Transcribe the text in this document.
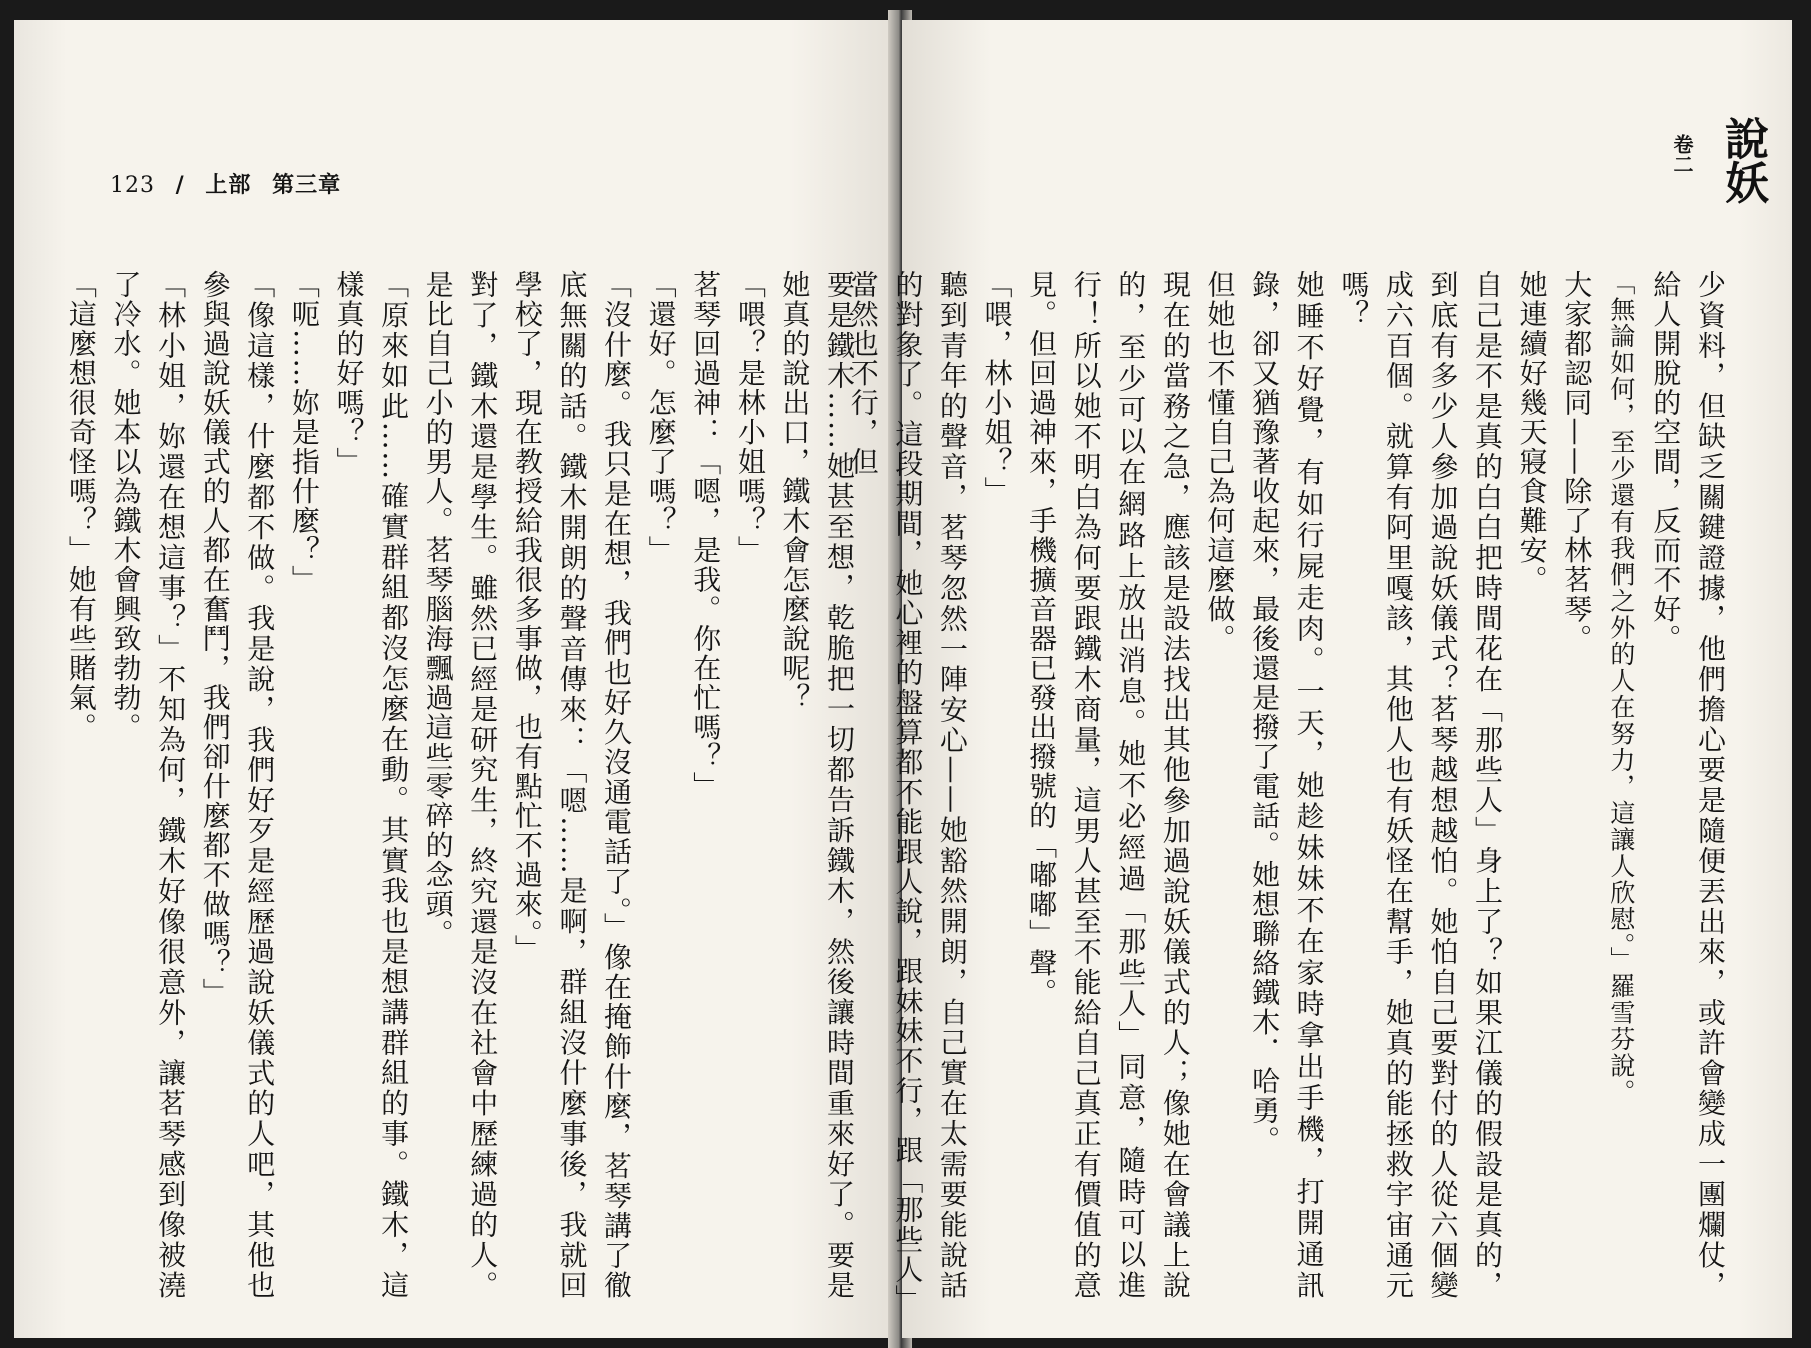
123 / 上部 第三章

要是鐵木……她甚至想，乾脆把一切都告訴鐵木，然後讓時間重來好了。要是她真的說出口，鐵木會怎麼說呢？

「喂？是林小姐嗎？」

茗琴回過神：「嗯，是我。你在忙嗎？」

「還好。怎麼了嗎？」

「沒什麼。我只是在想，我們也好久沒通電話了。」像在掩飾什麼，茗琴講了徹底無關的話。鐵木開朗的聲音傳來：「嗯……是啊，群組沒什麼事後，我就回學校了，現在教授給我很多事做，也有點忙不過來。」

對了，鐵木還是學生。雖然已經是研究生，終究還是沒在社會中歷練過的人。是比自己小的男人。茗琴腦海飄過這些零碎的念頭。

「原來如此……確實群組都沒怎麼在動。其實我也是想講群組的事。鐵木，這樣真的好嗎？」

「呃……妳是指什麼？」

「像這樣，什麼都不做。我是說，我們好歹是經歷過說妖儀式的人吧，其他也參與過說妖儀式的人都在奮鬥，我們卻什麼都不做嗎？」

「林小姐，妳還在想這事？」不知為何，鐵木好像很意外，讓茗琴感到像被澆了冷水。她本以為鐵木會興致勃勃。

「這麼想很奇怪嗎？」她有些賭氣。

卷二 說妖

少資料，但缺乏關鍵證據，他們擔心要是隨便丟出來，或許會變成一團爛仗，給人開脫的空間，反而不好。

「無論如何，至少還有我們之外的人在努力，這讓人欣慰。」羅雪芬說。

大家都認同——除了林茗琴。

她連續好幾天寢食難安。

自己是不是真的白白把時間花在「那些人」身上了？如果江儀的假設是真的，到底有多少人參加過說妖儀式？茗琴越想越怕。她怕自己要對付的人從六個變成六百個。就算有阿里嘎該，其他人也有妖怪在幫手，她真的能拯救宇宙通元嗎？

她睡不好覺，有如行屍走肉。一天，她趁妹妹不在家時拿出手機，打開通訊錄，卻又猶豫著收起來，最後還是撥了電話。她想聯絡鐵木．哈勇。

但她也不懂自己為何這麼做。

現在的當務之急，應該是設法找出其他參加過說妖儀式的人；像她在會議上說的，至少可以在網路上放出消息。她不必經過「那些人」同意，隨時可以進行！所以她不明白為何要跟鐵木商量，這男人甚至不能給自己真正有價值的意見。但回過神來，手機擴音器已發出撥號的「嘟嘟」聲。

「喂，林小姐？」

聽到青年的聲音，茗琴忽然一陣安心——她豁然開朗，自己實在太需要能說話的對象了。這段期間，她心裡的盤算都不能跟人說，跟妹妹不行，跟「那些人」當然也不行，但
